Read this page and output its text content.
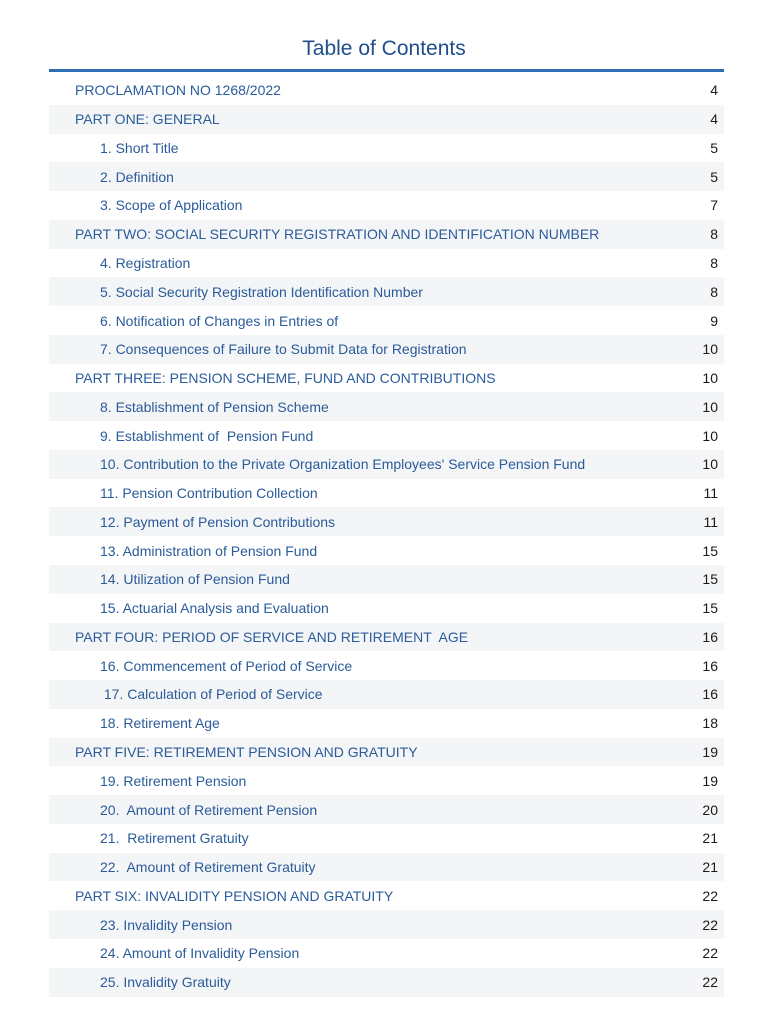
Table of Contents
PROCLAMATION NO 1268/2022	4
PART ONE: GENERAL	4
1. Short Title	5
2. Definition	5
3. Scope of Application	7
PART TWO: SOCIAL SECURITY REGISTRATION AND IDENTIFICATION NUMBER	8
4. Registration	8
5. Social Security Registration Identification Number	8
6. Notification of Changes in Entries of	9
7. Consequences of Failure to Submit Data for Registration	10
PART THREE: PENSION SCHEME, FUND AND CONTRIBUTIONS	10
8. Establishment of Pension Scheme	10
9. Establishment of  Pension Fund	10
10. Contribution to the Private Organization Employees' Service Pension Fund	10
11. Pension Contribution Collection	11
12. Payment of Pension Contributions	11
13. Administration of Pension Fund	15
14. Utilization of Pension Fund	15
15. Actuarial Analysis and Evaluation	15
PART FOUR: PERIOD OF SERVICE AND RETIREMENT  AGE	16
16. Commencement of Period of Service	16
17. Calculation of Period of Service	16
18. Retirement Age	18
PART FIVE: RETIREMENT PENSION AND GRATUITY	19
19. Retirement Pension	19
20.  Amount of Retirement Pension	20
21.  Retirement Gratuity	21
22.  Amount of Retirement Gratuity	21
PART SIX: INVALIDITY PENSION AND GRATUITY	22
23. Invalidity Pension	22
24. Amount of Invalidity Pension	22
25. Invalidity Gratuity	22
